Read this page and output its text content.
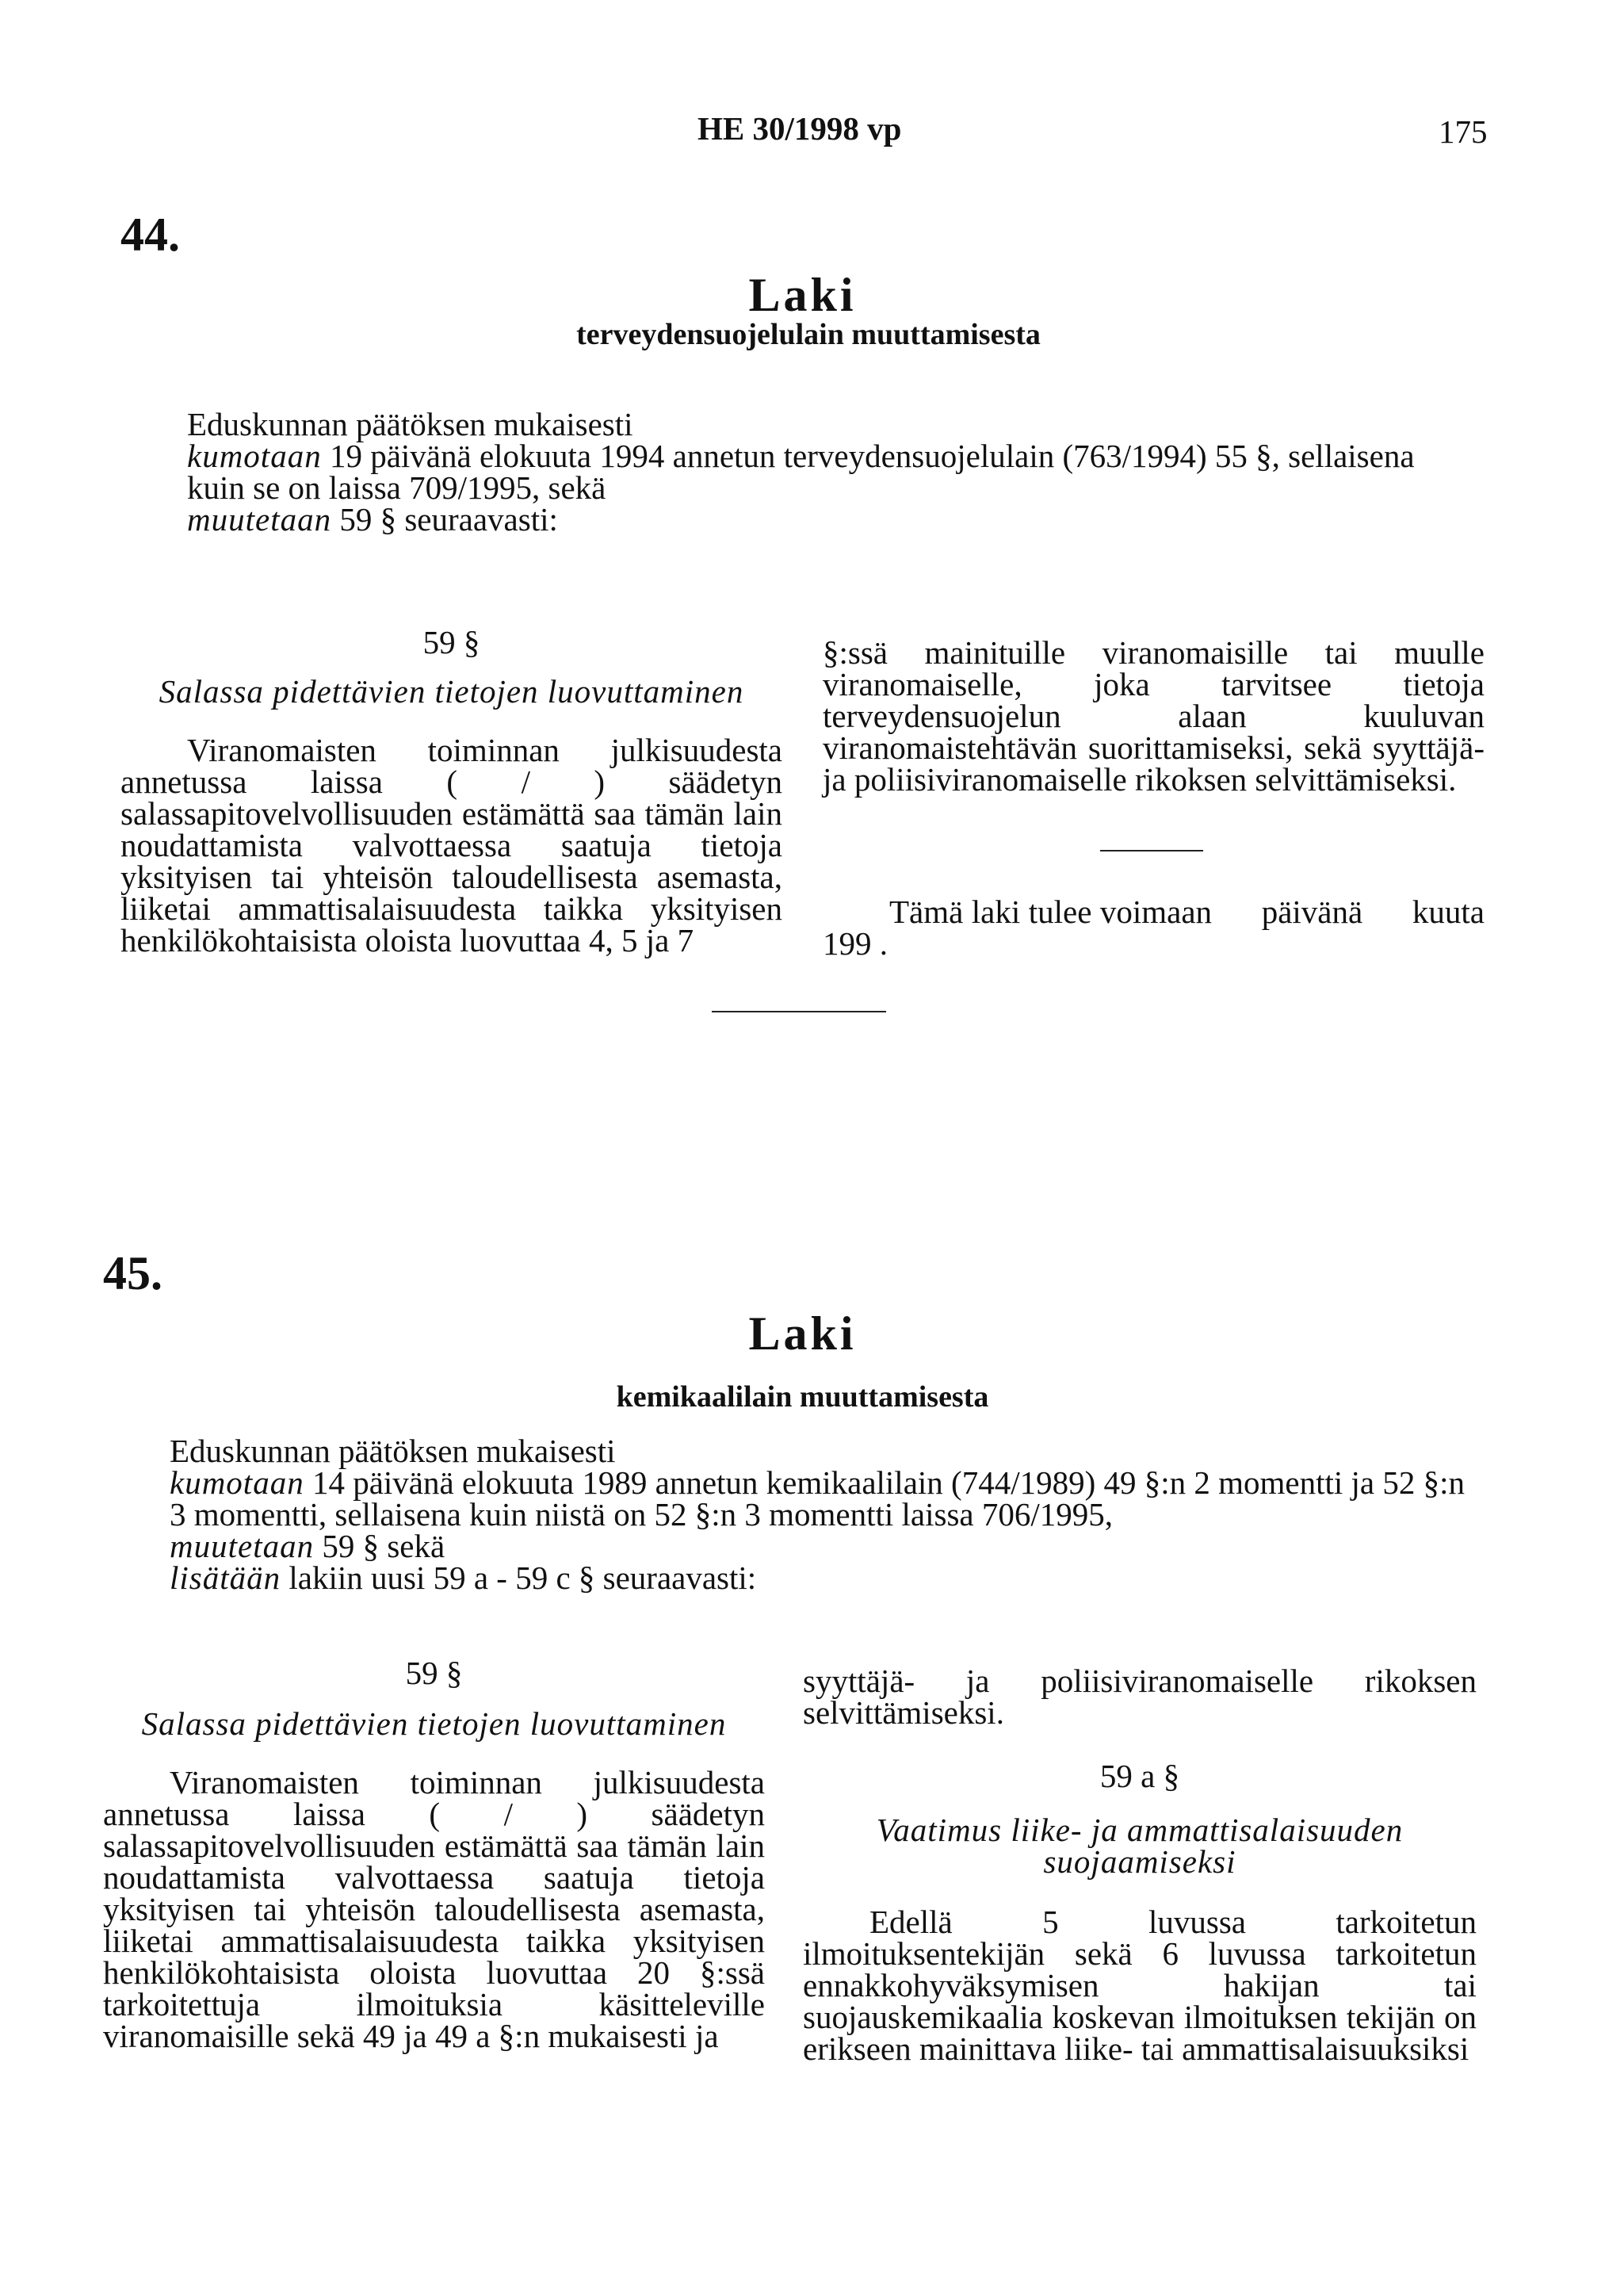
HE 30/1998 vp	175
44.
Laki
terveydensuojelulain muuttamisesta

Eduskunnan päätöksen mukaisesti

kumotaan 19 päivänä elokuuta 1994 annetun terveydensuojelulain (763/1994) 55 §, sellaisena kuin se on laissa 709/1995, sekä

muutetaan 59 § seuraavasti:

59 §

Salassa pidettävien tietojen luovuttaminen

Viranomaisten toiminnan julkisuudesta annetussa laissa ( / ) säädetyn salassapitovelvollisuuden estämättä saa tämän lain noudattamista valvottaessa saatuja tietoja yksityisen tai yhteisön taloudellisesta asemasta, liiketai ammattisalaisuudesta taikka yksityisen henkilökohtaisista oloista luovuttaa 4, 5 ja 7

§:ssä mainituille viranomaisille tai muulle viranomaiselle, joka tarvitsee tietoja terveydensuojelun alaan kuuluvan viranomaistehtävän suorittamiseksi, sekä syyttäjä- ja poliisiviranomaiselle rikoksen selvittämiseksi.

Tämä laki tulee voimaan      päivänä      kuuta 199 .

45.
Laki
kemikaalilain muuttamisesta

Eduskunnan päätöksen mukaisesti

kumotaan 14 päivänä elokuuta 1989 annetun kemikaalilain (744/1989) 49 §:n 2 momentti ja 52 §:n 3 momentti, sellaisena kuin niistä on 52 §:n 3 momentti laissa 706/1995,

muutetaan 59 § sekä

lisätään lakiin uusi 59 a - 59 c § seuraavasti:

59 §

Salassa pidettävien tietojen luovuttaminen

Viranomaisten toiminnan julkisuudesta annetussa laissa ( / ) säädetyn salassapitovelvollisuuden estämättä saa tämän lain noudattamista valvottaessa saatuja tietoja yksityisen tai yhteisön taloudellisesta asemasta, liiketai ammattisalaisuudesta taikka yksityisen henkilökohtaisista oloista luovuttaa 20 §:ssä tarkoitettuja ilmoituksia käsitteleville viranomaisille sekä 49 ja 49 a §:n mukaisesti ja

syyttäjä- ja poliisiviranomaiselle rikoksen selvittämiseksi.

59 a §

Vaatimus liike- ja ammattisalaisuuden suojaamiseksi

Edellä 5 luvussa tarkoitetun ilmoituksentekijän sekä 6 luvussa tarkoitetun ennakkohyväksymisen hakijan tai suojauskemikaalia koskevan ilmoituksen tekijän on erikseen mainittava liike- tai ammattisalaisuuksiksi
